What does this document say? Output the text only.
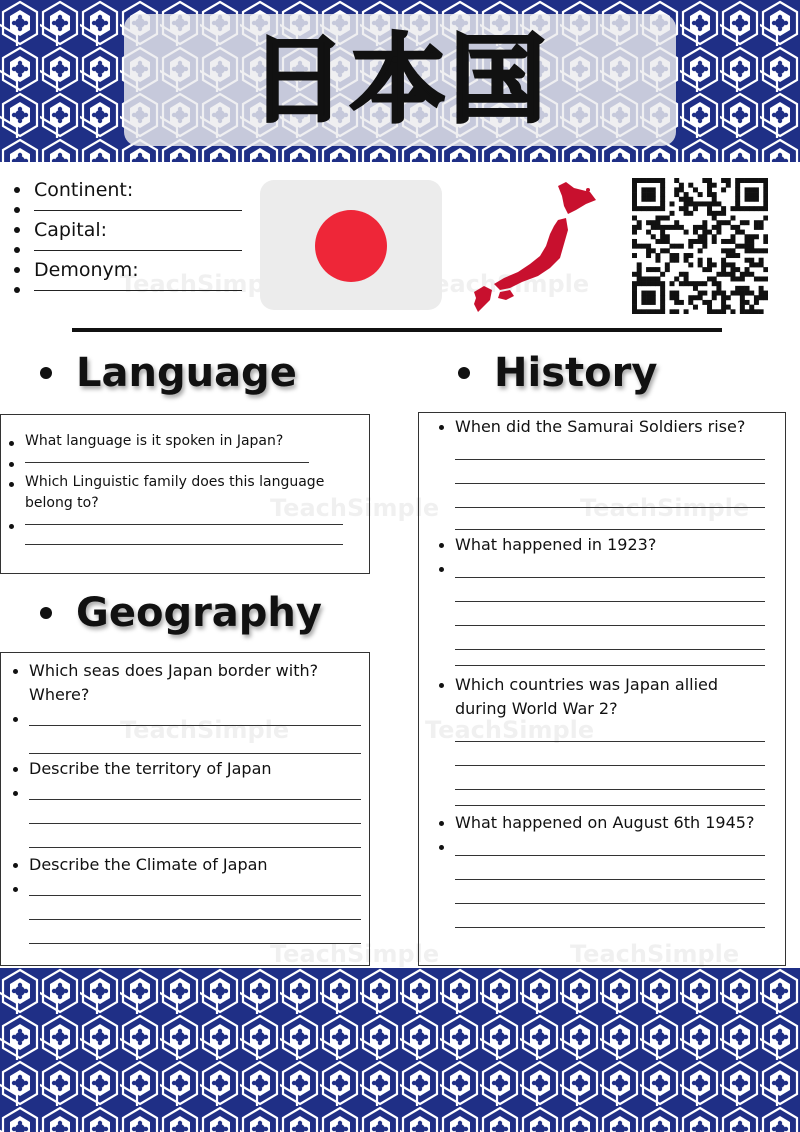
日本国
TeachSimple
TeachSimple	TeachSimple
TeachSimple	TeachSimple
TeachSimple	TeachSimple
Continent:
Capital:
Demonym:
Language
What language is it spoken in Japan?
Which Linguistic family does this language belong to?
Geography
Which seas does Japan border with? Where?
Describe the territory of Japan
Describe the Climate of Japan
History
When did the Samurai Soldiers rise?
What happened in 1923?
Which countries was Japan allied during World War 2?
What happened on August 6th 1945?
